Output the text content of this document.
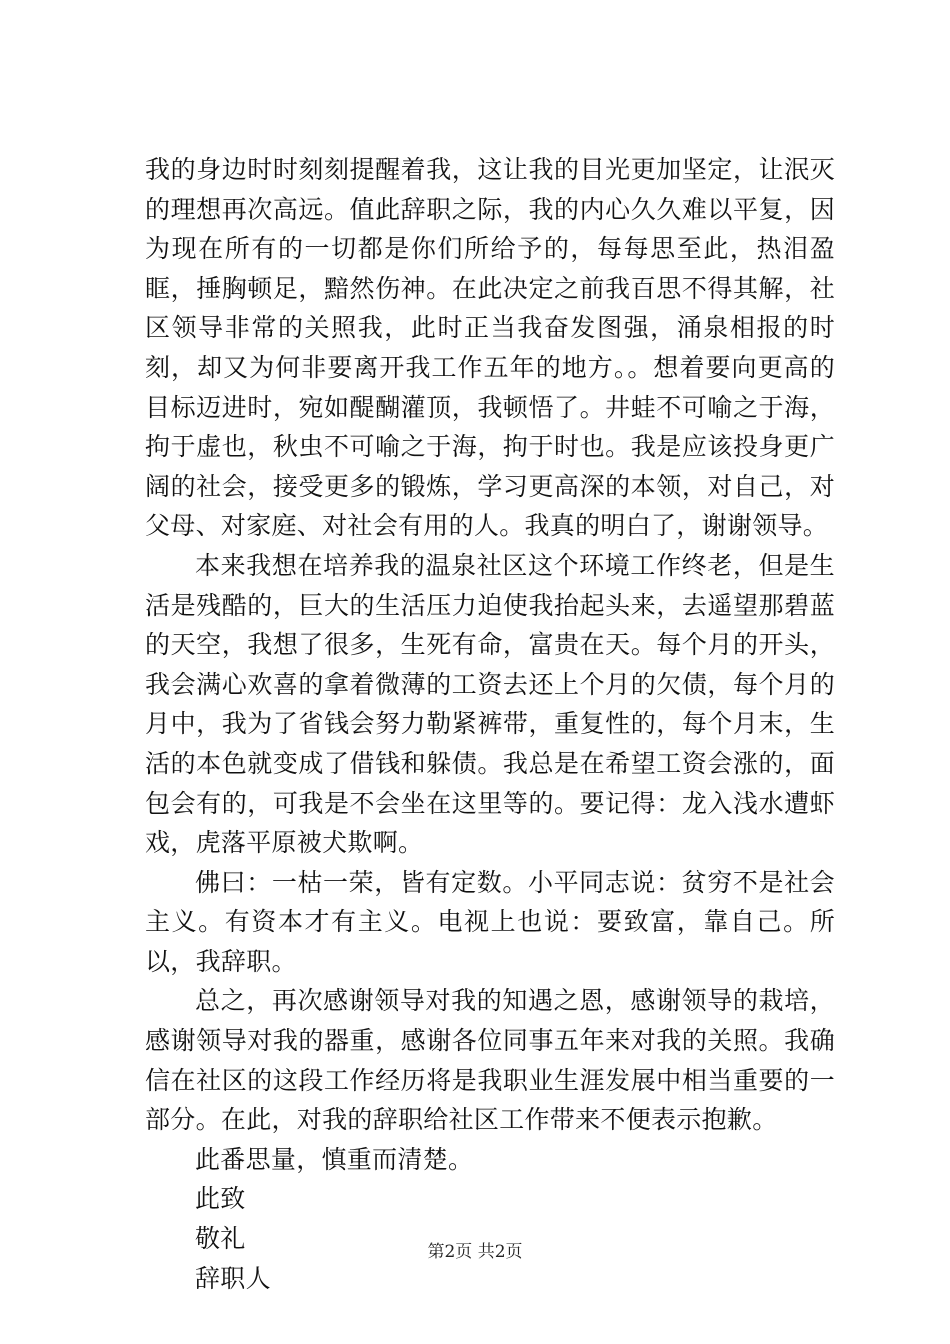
我的身边时时刻刻提醒着我，这让我的目光更加坚定，让泯灭的理想再次高远。值此辞职之际，我的内心久久难以平复，因为现在所有的一切都是你们所给予的，每每思至此，热泪盈眶，捶胸顿足，黯然伤神。在此决定之前我百思不得其解，社区领导非常的关照我，此时正当我奋发图强，涌泉相报的时刻，却又为何非要离开我工作五年的地方。。想着要向更高的目标迈进时，宛如醍醐灌顶，我顿悟了。井蛙不可喻之于海，拘于虚也，秋虫不可喻之于海，拘于时也。我是应该投身更广阔的社会，接受更多的锻炼，学习更高深的本领，对自己，对父母、对家庭、对社会有用的人。我真的明白了，谢谢领导。

本来我想在培养我的温泉社区这个环境工作终老，但是生活是残酷的，巨大的生活压力迫使我抬起头来，去遥望那碧蓝的天空，我想了很多，生死有命，富贵在天。每个月的开头，我会满心欢喜的拿着微薄的工资去还上个月的欠债，每个月的月中，我为了省钱会努力勒紧裤带，重复性的，每个月末，生活的本色就变成了借钱和躲债。我总是在希望工资会涨的，面包会有的，可我是不会坐在这里等的。要记得：龙入浅水遭虾戏，虎落平原被犬欺啊。

佛曰：一枯一荣，皆有定数。小平同志说：贫穷不是社会主义。有资本才有主义。电视上也说：要致富，靠自己。所以，我辞职。

总之，再次感谢领导对我的知遇之恩，感谢领导的栽培，感谢领导对我的器重，感谢各位同事五年来对我的关照。我确信在社区的这段工作经历将是我职业生涯发展中相当重要的一部分。在此，对我的辞职给社区工作带来不便表示抱歉。

此番思量，慎重而清楚。

此致

敬礼

辞职人

第2页 共2页
